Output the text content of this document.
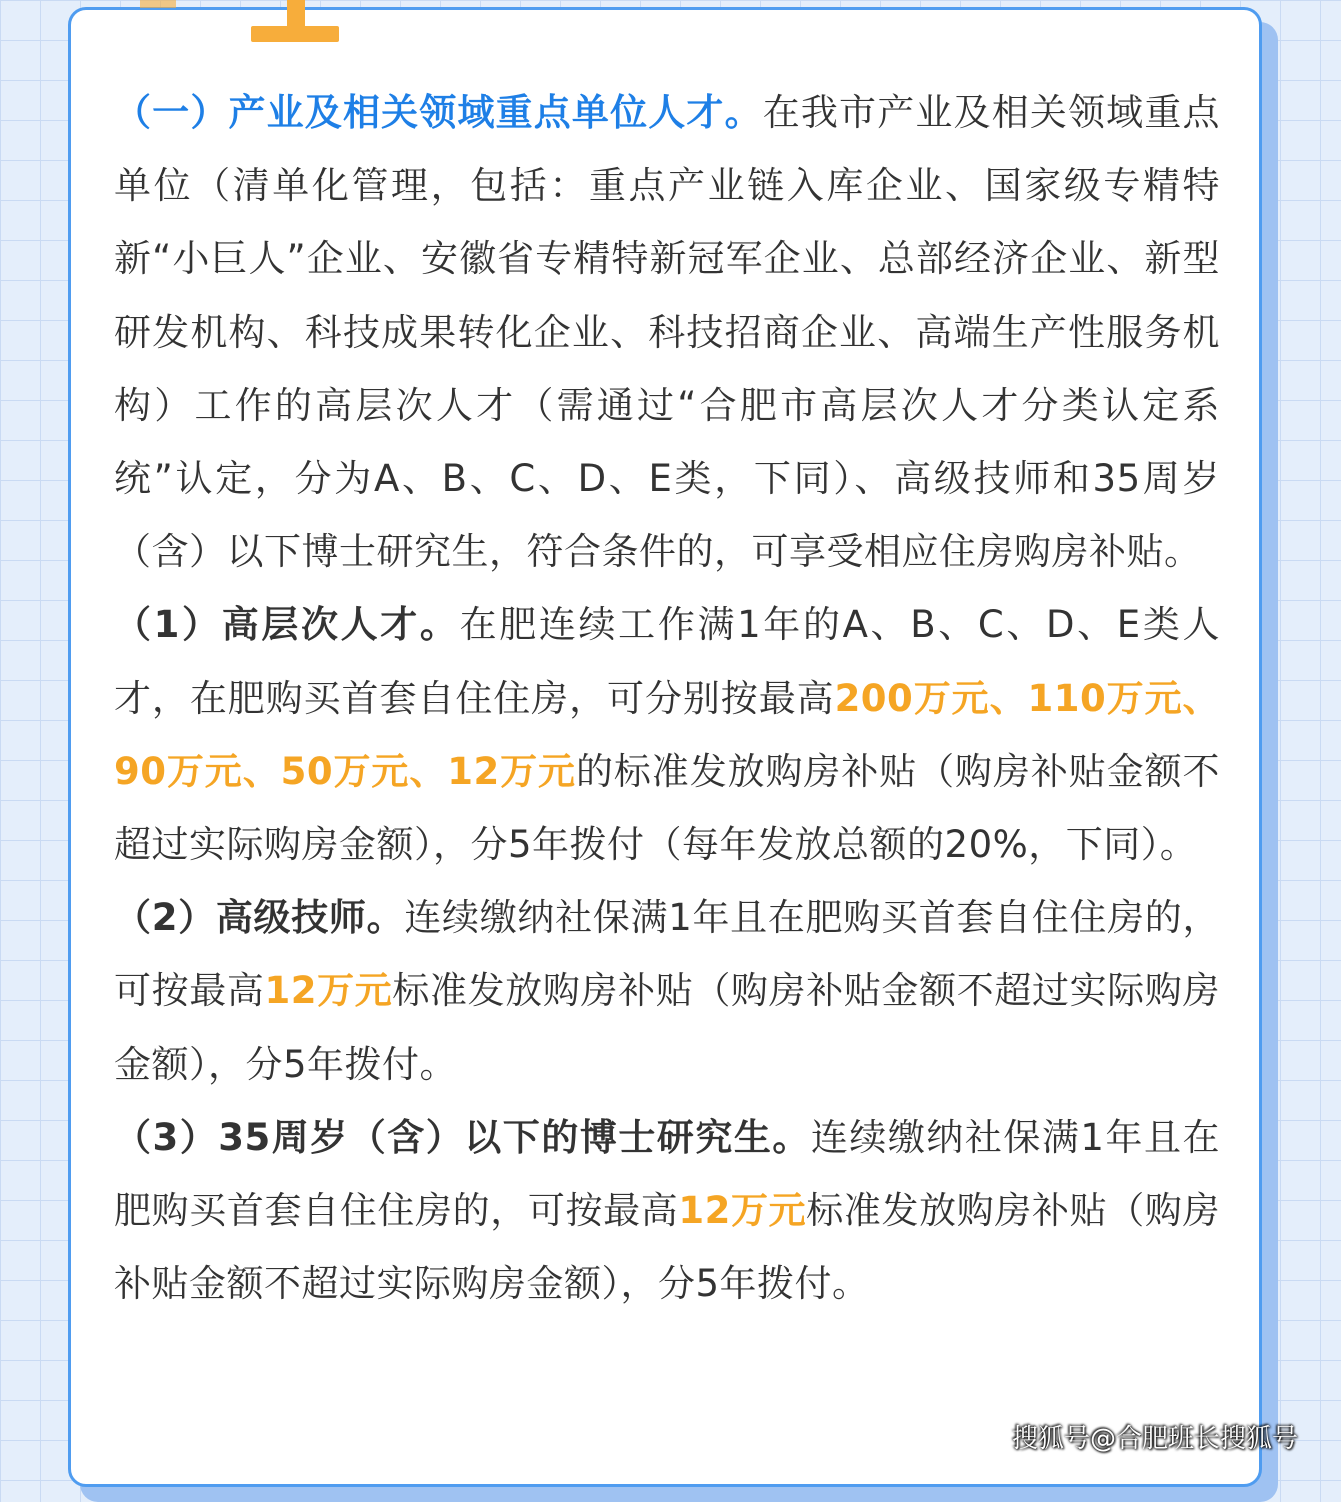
（一）产业及相关领域重点单位人才。在我市产业及相关领域重点单位（清单化管理，包括：重点产业链入库企业、国家级专精特新“小巨人”企业、安徽省专精特新冠军企业、总部经济企业、新型研发机构、科技成果转化企业、科技招商企业、高端生产性服务机构）工作的高层次人才（需通过“合肥市高层次人才分类认定系统”认定，分为A、B、C、D、E类，下同）、高级技师和35周岁（含）以下博士研究生，符合条件的，可享受相应住房购房补贴。

（1）高层次人才。在肥连续工作满1年的A、B、C、D、E类人才，在肥购买首套自住住房，可分别按最高200万元、110万元、90万元、50万元、12万元的标准发放购房补贴（购房补贴金额不超过实际购房金额），分5年拨付（每年发放总额的20%，下同）。

（2）高级技师。连续缴纳社保满1年且在肥购买首套自住住房的，可按最高12万元标准发放购房补贴（购房补贴金额不超过实际购房金额），分5年拨付。

（3）35周岁（含）以下的博士研究生。连续缴纳社保满1年且在肥购买首套自住住房的，可按最高12万元标准发放购房补贴（购房补贴金额不超过实际购房金额），分5年拨付。

搜狐号@合肥班长搜狐号
